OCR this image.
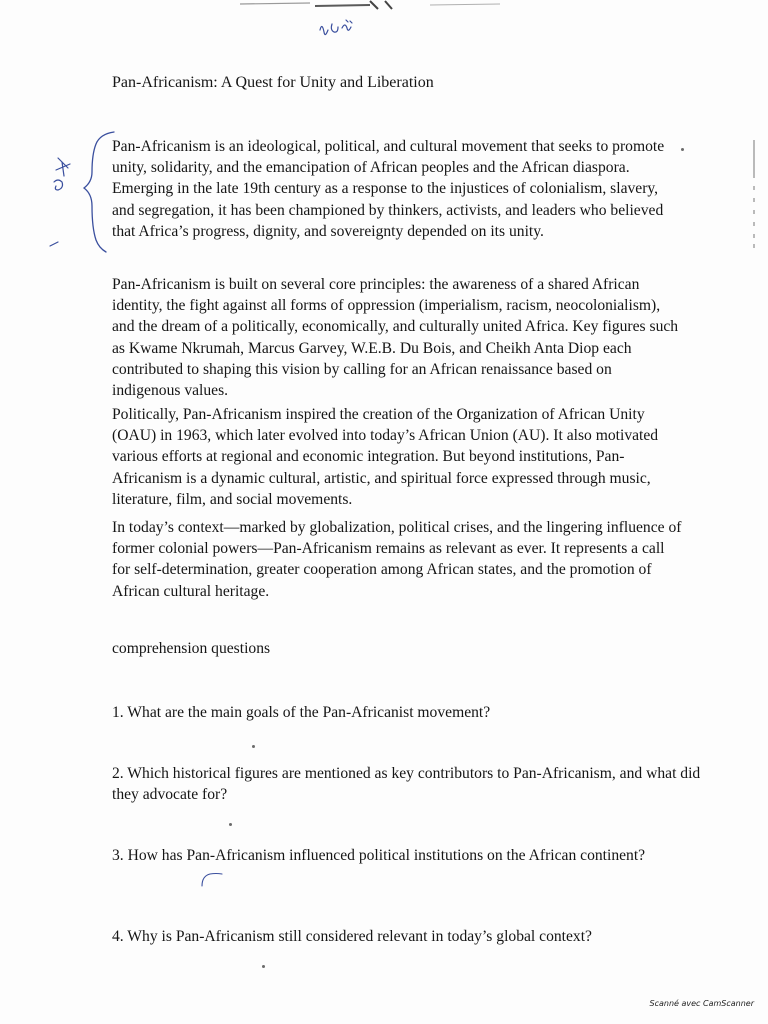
Pan-Africanism: A Quest for Unity and Liberation

Pan-Africanism is an ideological, political, and cultural movement that seeks to promote unity, solidarity, and the emancipation of African peoples and the African diaspora. Emerging in the late 19th century as a response to the injustices of colonialism, slavery, and segregation, it has been championed by thinkers, activists, and leaders who believed that Africa’s progress, dignity, and sovereignty depended on its unity.

Pan-Africanism is built on several core principles: the awareness of a shared African identity, the fight against all forms of oppression (imperialism, racism, neocolonialism), and the dream of a politically, economically, and culturally united Africa. Key figures such as Kwame Nkrumah, Marcus Garvey, W.E.B. Du Bois, and Cheikh Anta Diop each contributed to shaping this vision by calling for an African renaissance based on indigenous values.

Politically, Pan-Africanism inspired the creation of the Organization of African Unity (OAU) in 1963, which later evolved into today’s African Union (AU). It also motivated various efforts at regional and economic integration. But beyond institutions, Pan-Africanism is a dynamic cultural, artistic, and spiritual force expressed through music, literature, film, and social movements.

In today’s context—marked by globalization, political crises, and the lingering influence of former colonial powers—Pan-Africanism remains as relevant as ever. It represents a call for self-determination, greater cooperation among African states, and the promotion of African cultural heritage.

comprehension questions

1. What are the main goals of the Pan-Africanist movement?

2. Which historical figures are mentioned as key contributors to Pan-Africanism, and what did they advocate for?

3. How has Pan-Africanism influenced political institutions on the African continent?

4. Why is Pan-Africanism still considered relevant in today’s global context?

Scanné avec CamScanner
